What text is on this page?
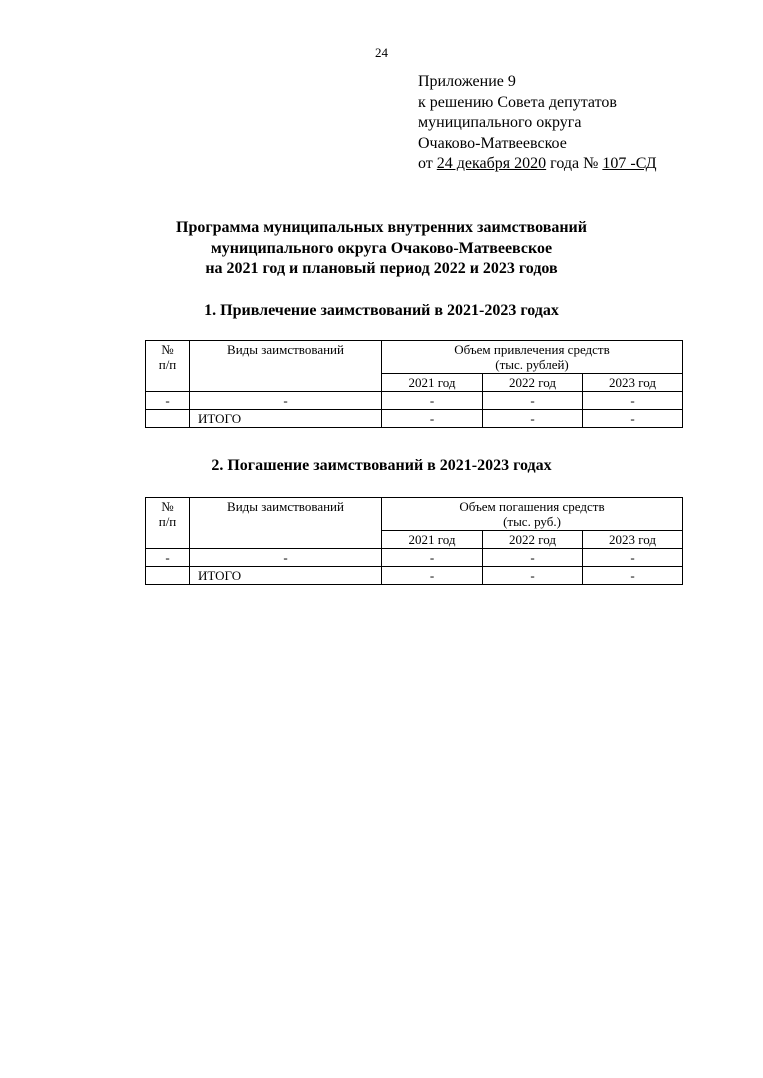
24
Приложение 9
к решению Совета депутатов
муниципального округа
Очаково-Матвеевское
от 24 декабря 2020 года № 107 -СД
Программа муниципальных внутренних заимствований
муниципального округа Очаково-Матвеевское
на 2021 год и плановый период 2022 и 2023 годов
1. Привлечение заимствований в 2021-2023 годах
№
п/п	Виды заимствований	Объем привлечения средств
(тыс. рублей)		
		2021 год	2022 год	2023 год
-	-	-	-	-
	ИТОГО	-	-	-
2. Погашение заимствований в 2021-2023 годах
№
п/п	Виды заимствований	Объем погашения средств
(тыс. руб.)		
		2021 год	2022 год	2023 год
-	-	-	-	-
	ИТОГО	-	-	-
